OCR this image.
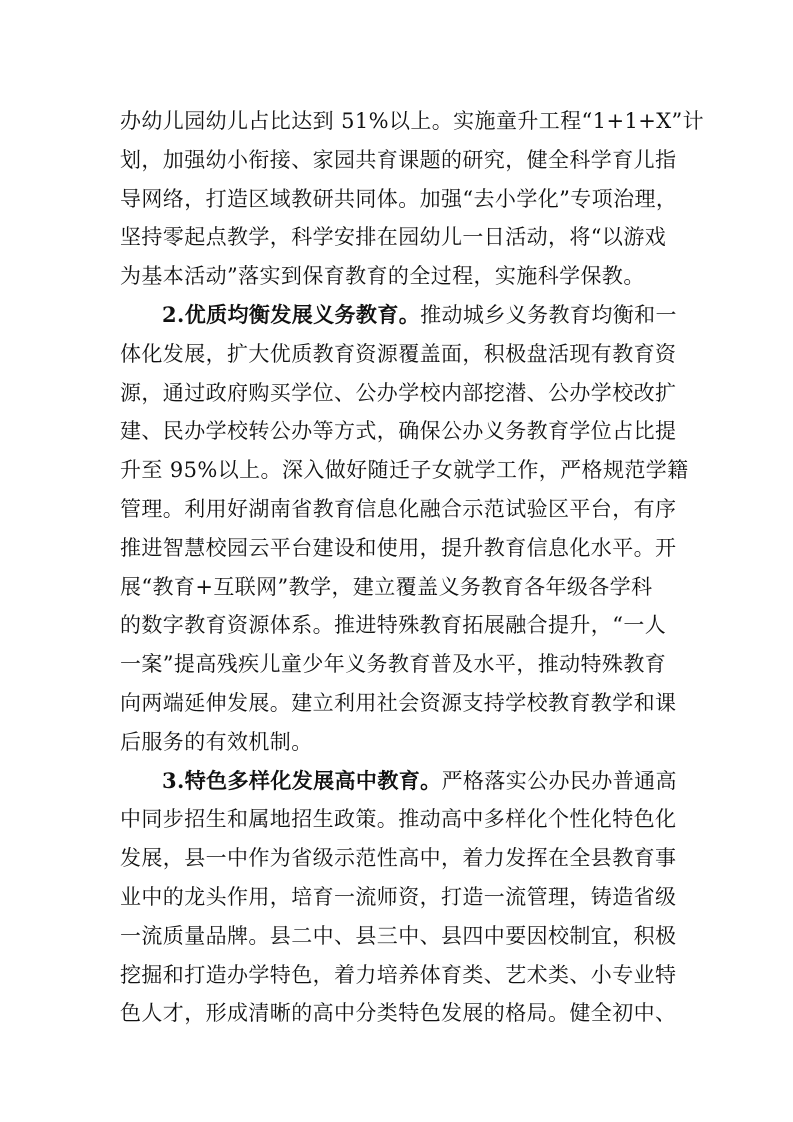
办幼儿园幼儿占比达到 51%以上。实施童升工程“1+1+X”计
划，加强幼小衔接、家园共育课题的研究，健全科学育儿指
导网络，打造区域教研共同体。加强“去小学化”专项治理，
坚持零起点教学，科学安排在园幼儿一日活动，将“以游戏
为基本活动”落实到保育教育的全过程，实施科学保教。
2.优质均衡发展义务教育。推动城乡义务教育均衡和一
体化发展，扩大优质教育资源覆盖面，积极盘活现有教育资
源，通过政府购买学位、公办学校内部挖潜、公办学校改扩
建、民办学校转公办等方式，确保公办义务教育学位占比提
升至 95%以上。深入做好随迁子女就学工作，严格规范学籍
管理。利用好湖南省教育信息化融合示范试验区平台，有序
推进智慧校园云平台建设和使用，提升教育信息化水平。开
展“教育+互联网”教学，建立覆盖义务教育各年级各学科
的数字教育资源体系。推进特殊教育拓展融合提升，“一人
一案”提高残疾儿童少年义务教育普及水平，推动特殊教育
向两端延伸发展。建立利用社会资源支持学校教育教学和课
后服务的有效机制。
3.特色多样化发展高中教育。严格落实公办民办普通高
中同步招生和属地招生政策。推动高中多样化个性化特色化
发展，县一中作为省级示范性高中，着力发挥在全县教育事
业中的龙头作用，培育一流师资，打造一流管理，铸造省级
一流质量品牌。县二中、县三中、县四中要因校制宜，积极
挖掘和打造办学特色，着力培养体育类、艺术类、小专业特
色人才，形成清晰的高中分类特色发展的格局。健全初中、
